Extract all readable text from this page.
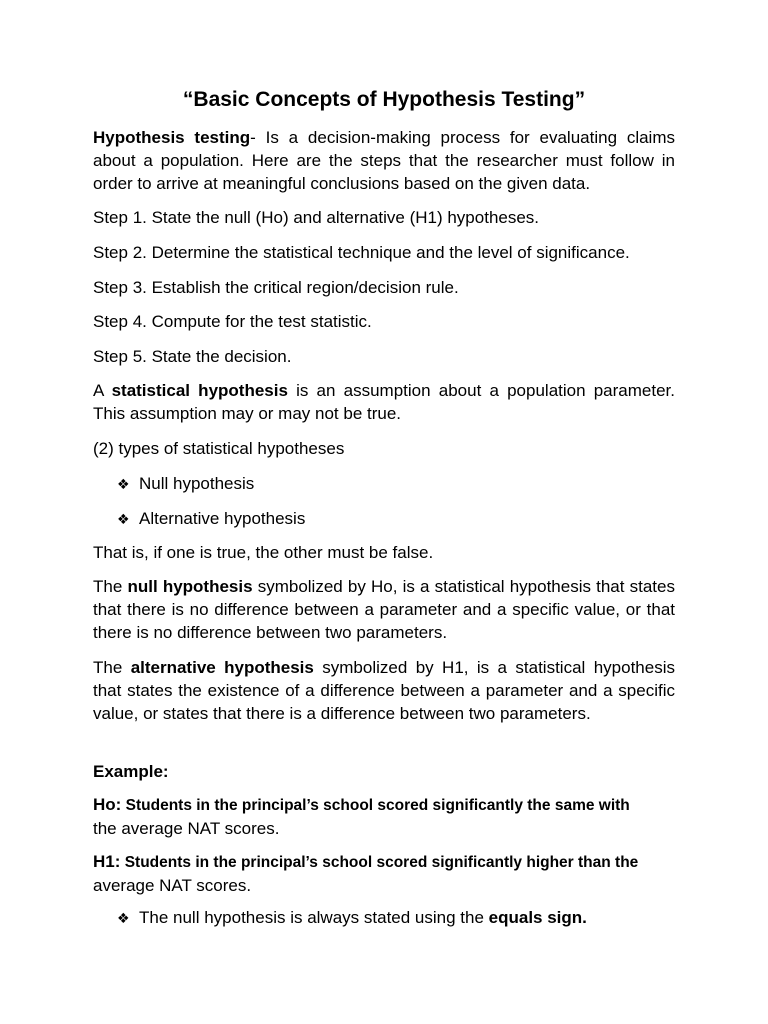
“Basic Concepts of Hypothesis Testing”

Hypothesis testing- Is a decision-making process for evaluating claims about a population. Here are the steps that the researcher must follow in order to arrive at meaningful conclusions based on the given data.

Step 1. State the null (Ho) and alternative (H1) hypotheses.

Step 2. Determine the statistical technique and the level of significance.

Step 3. Establish the critical region/decision rule.

Step 4. Compute for the test statistic.

Step 5. State the decision.

A statistical hypothesis is an assumption about a population parameter. This assumption may or may not be true.

(2) types of statistical hypotheses

❖ Null hypothesis

❖ Alternative hypothesis

That is, if one is true, the other must be false.

The null hypothesis symbolized by Ho, is a statistical hypothesis that states that there is no difference between a parameter and a specific value, or that there is no difference between two parameters.

The alternative hypothesis symbolized by H1, is a statistical hypothesis that states the existence of a difference between a parameter and a specific value, or states that there is a difference between two parameters.

Example:

Ho: Students in the principal’s school scored significantly the same with
the average NAT scores.

H1: Students in the principal’s school scored significantly higher than the
average NAT scores.

❖ The null hypothesis is always stated using the equals sign.
